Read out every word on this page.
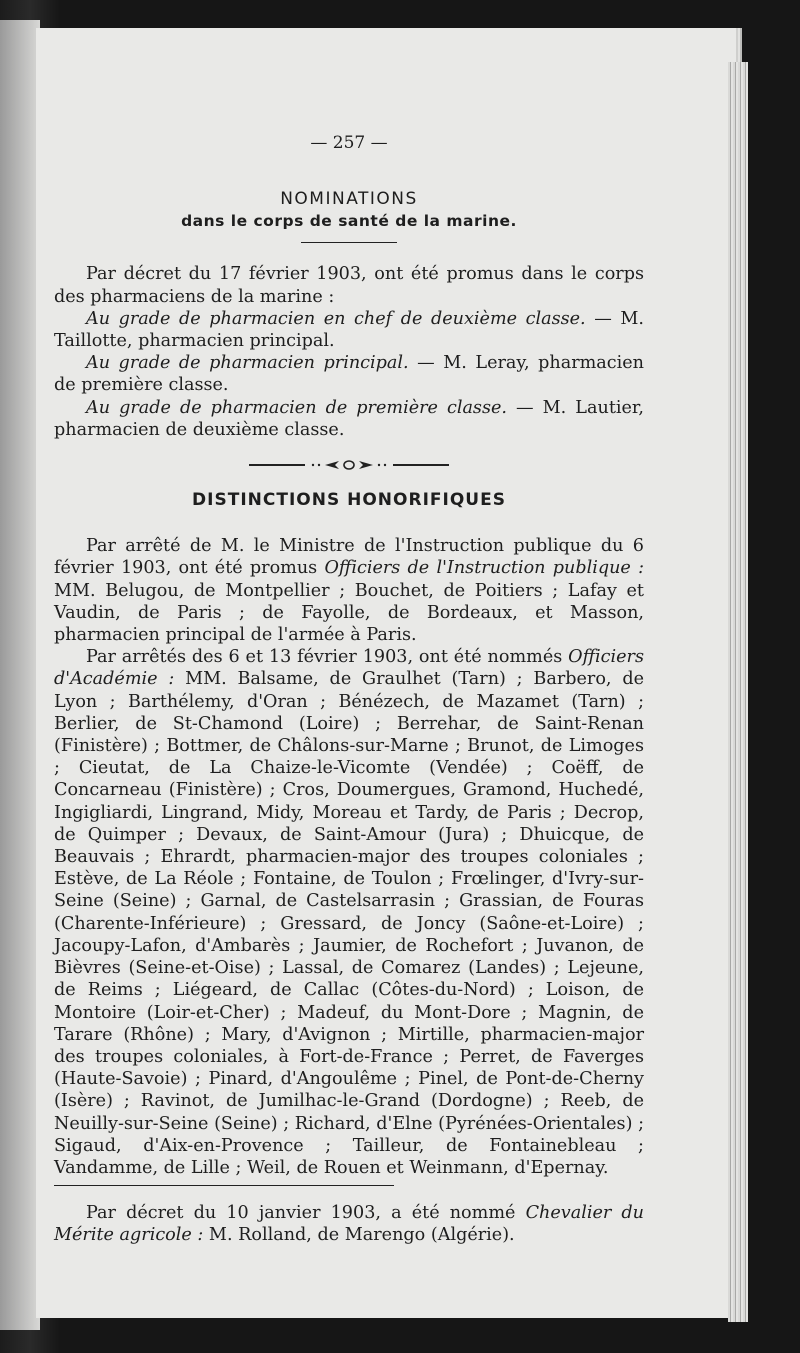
— 257 —
NOMINATIONS
dans le corps de santé de la marine.

Par décret du 17 février 1903, ont été promus dans le corps des pharmaciens de la marine :

Au grade de pharmacien en chef de deuxième classe. — M. Taillotte, pharmacien principal.

Au grade de pharmacien principal. — M. Leray, pharmacien de première classe.

Au grade de pharmacien de première classe. — M. Lautier, pharmacien de deuxième classe.

DISTINCTIONS HONORIFIQUES

Par arrêté de M. le Ministre de l'Instruction publique du 6 février 1903, ont été promus Officiers de l'Instruction publique : MM. Belugou, de Montpellier ; Bouchet, de Poitiers ; Lafay et Vaudin, de Paris ; de Fayolle, de Bordeaux, et Masson, pharmacien principal de l'armée à Paris.

Par arrêtés des 6 et 13 février 1903, ont été nommés Officiers d'Académie : MM. Balsame, de Graulhet (Tarn) ; Barbero, de Lyon ; Barthélemy, d'Oran ; Bénézech, de Mazamet (Tarn) ; Berlier, de St-Chamond (Loire) ; Berrehar, de Saint-Renan (Finistère) ; Bottmer, de Châlons-sur-Marne ; Brunot, de Limoges ; Cieutat, de La Chaize-le-Vicomte (Vendée) ; Coëff, de Concarneau (Finistère) ; Cros, Doumergues, Gramond, Huchedé, Ingigliardi, Lingrand, Midy, Moreau et Tardy, de Paris ; Decrop, de Quimper ; Devaux, de Saint-Amour (Jura) ; Dhuicque, de Beauvais ; Ehrardt, pharmacien-major des troupes coloniales ; Estève, de La Réole ; Fontaine, de Toulon ; Frœlinger, d'Ivry-sur-Seine (Seine) ; Garnal, de Castelsarrasin ; Grassian, de Fouras (Charente-Inférieure) ; Gressard, de Joncy (Saône-et-Loire) ; Jacoupy-Lafon, d'Ambarès ; Jaumier, de Rochefort ; Juvanon, de Bièvres (Seine-et-Oise) ; Lassal, de Comarez (Landes) ; Lejeune, de Reims ; Liégeard, de Callac (Côtes-du-Nord) ; Loison, de Montoire (Loir-et-Cher) ; Madeuf, du Mont-Dore ; Magnin, de Tarare (Rhône) ; Mary, d'Avignon ; Mirtille, pharmacien-major des troupes coloniales, à Fort-de-France ; Perret, de Faverges (Haute-Savoie) ; Pinard, d'Angoulême ; Pinel, de Pont-de-Cherny (Isère) ; Ravinot, de Jumilhac-le-Grand (Dordogne) ; Reeb, de Neuilly-sur-Seine (Seine) ; Richard, d'Elne (Pyrénées-Orientales) ; Sigaud, d'Aix-en-Provence ; Tailleur, de Fontainebleau ; Vandamme, de Lille ; Weil, de Rouen et Weinmann, d'Epernay.

Par décret du 10 janvier 1903, a été nommé Chevalier du Mérite agricole : M. Rolland, de Marengo (Algérie).
